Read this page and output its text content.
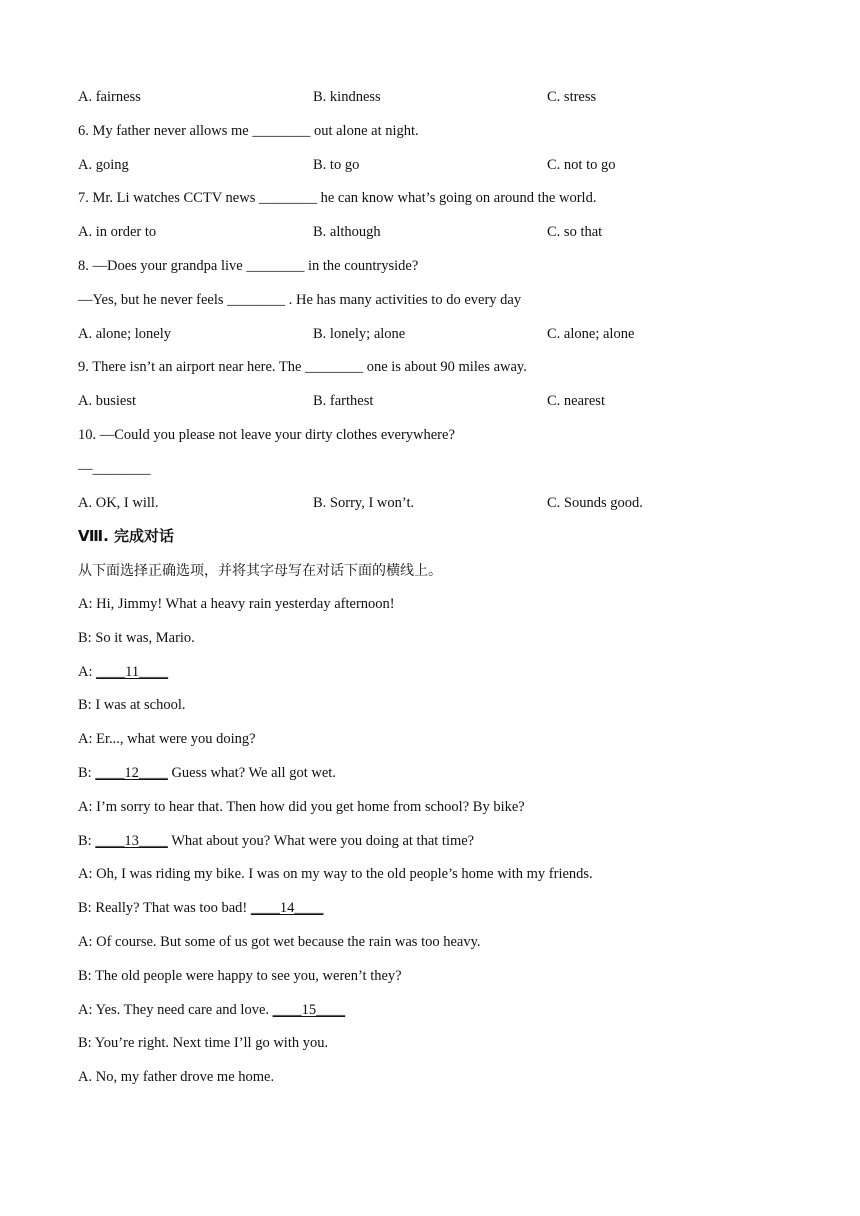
A. fairness	B. kindness	C. stress
6. My father never allows me ________ out alone at night.
A. going	B. to go	C. not to go
7. Mr. Li watches CCTV news ________ he can know what’s going on around the world.
A. in order to	B. although	C. so that
8. —Does your grandpa live ________ in the countryside?
—Yes, but he never feels ________ . He has many activities to do every day
A. alone; lonely	B. lonely; alone	C. alone; alone
9. There isn’t an airport near here. The ________ one is about 90 miles away.
A. busiest	B. farthest	C. nearest
10. —Could you please not leave your dirty clothes everywhere?
—________
A. OK, I will.	B. Sorry, I won’t.	C. Sounds good.
Ⅷ. 完成对话
从下面选择正确选项，并将其字母写在对话下面的横线上。
A: Hi, Jimmy! What a heavy rain yesterday afternoon!
B: So it was, Mario.
A: ____11____
B: I was at school.
A: Er..., what were you doing?
B: ____12____ Guess what? We all got wet.
A: I’m sorry to hear that. Then how did you get home from school? By bike?
B: ____13____ What about you? What were you doing at that time?
A: Oh, I was riding my bike. I was on my way to the old people’s home with my friends.
B: Really? That was too bad! ____14____
A: Of course. But some of us got wet because the rain was too heavy.
B: The old people were happy to see you, weren’t they?
A: Yes. They need care and love. ____15____
B: You’re right. Next time I’ll go with you.
A. No, my father drove me home.
